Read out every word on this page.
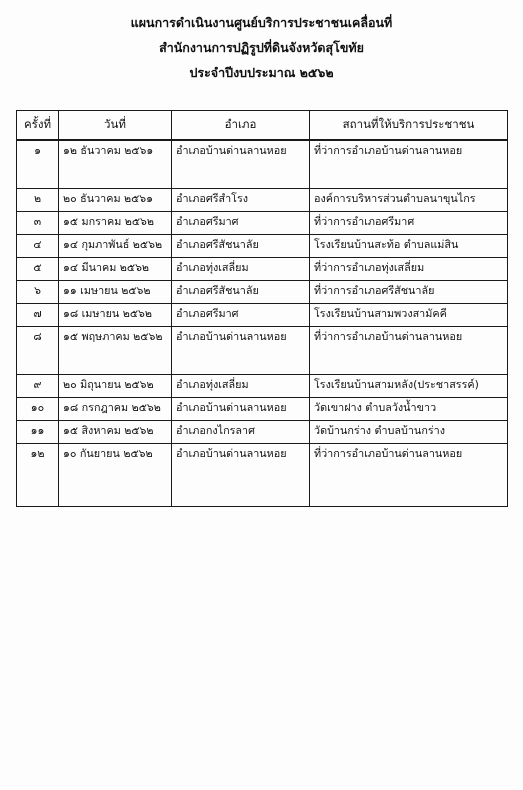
แผนการดำเนินงานศูนย์บริการประชาชนเคลื่อนที่
สำนักงานการปฏิรูปที่ดินจังหวัดสุโขทัย
ประจำปีงบประมาณ ๒๕๖๒
ครั้งที่	วันที่	อำเภอ	สถานที่ให้บริการประชาชน
๑	๑๒ ธันวาคม ๒๕๖๑	อำเภอบ้านด่านลานหอย	ที่ว่าการอำเภอบ้านด่านลานหอย
๒	๒๐ ธันวาคม ๒๕๖๑	อำเภอศรีสำโรง	องค์การบริหารส่วนตำบลนาขุนไกร
๓	๑๕ มกราคม ๒๕๖๒	อำเภอศรีมาศ	ที่ว่าการอำเภอศรีมาศ
๔	๑๔ กุมภาพันธ์ ๒๕๖๒	อำเภอศรีสัชนาลัย	โรงเรียนบ้านสะท้อ ตำบลแม่สิน
๕	๑๔ มีนาคม ๒๕๖๒	อำเภอทุ่งเสลี่ยม	ที่ว่าการอำเภอทุ่งเสลี่ยม
๖	๑๑ เมษายน ๒๕๖๒	อำเภอศรีสัชนาลัย	ที่ว่าการอำเภอศรีสัชนาลัย
๗	๑๘ เมษายน ๒๕๖๒	อำเภอศรีมาศ	โรงเรียนบ้านสามพวงสามัคคี
๘	๑๕ พฤษภาคม ๒๕๖๒	อำเภอบ้านด่านลานหอย	ที่ว่าการอำเภอบ้านด่านลานหอย
๙	๒๐ มิถุนายน ๒๕๖๒	อำเภอทุ่งเสลี่ยม	โรงเรียนบ้านสามหลัง(ประชาสรรค์)
๑๐	๑๘ กรกฎาคม ๒๕๖๒	อำเภอบ้านด่านลานหอย	วัดเขาฝาง ตำบลวังน้ำขาว
๑๑	๑๕ สิงหาคม ๒๕๖๒	อำเภอกงไกรลาศ	วัดบ้านกร่าง ตำบลบ้านกร่าง
๑๒	๑๐ กันยายน ๒๕๖๒	อำเภอบ้านด่านลานหอย	ที่ว่าการอำเภอบ้านด่านลานหอย
